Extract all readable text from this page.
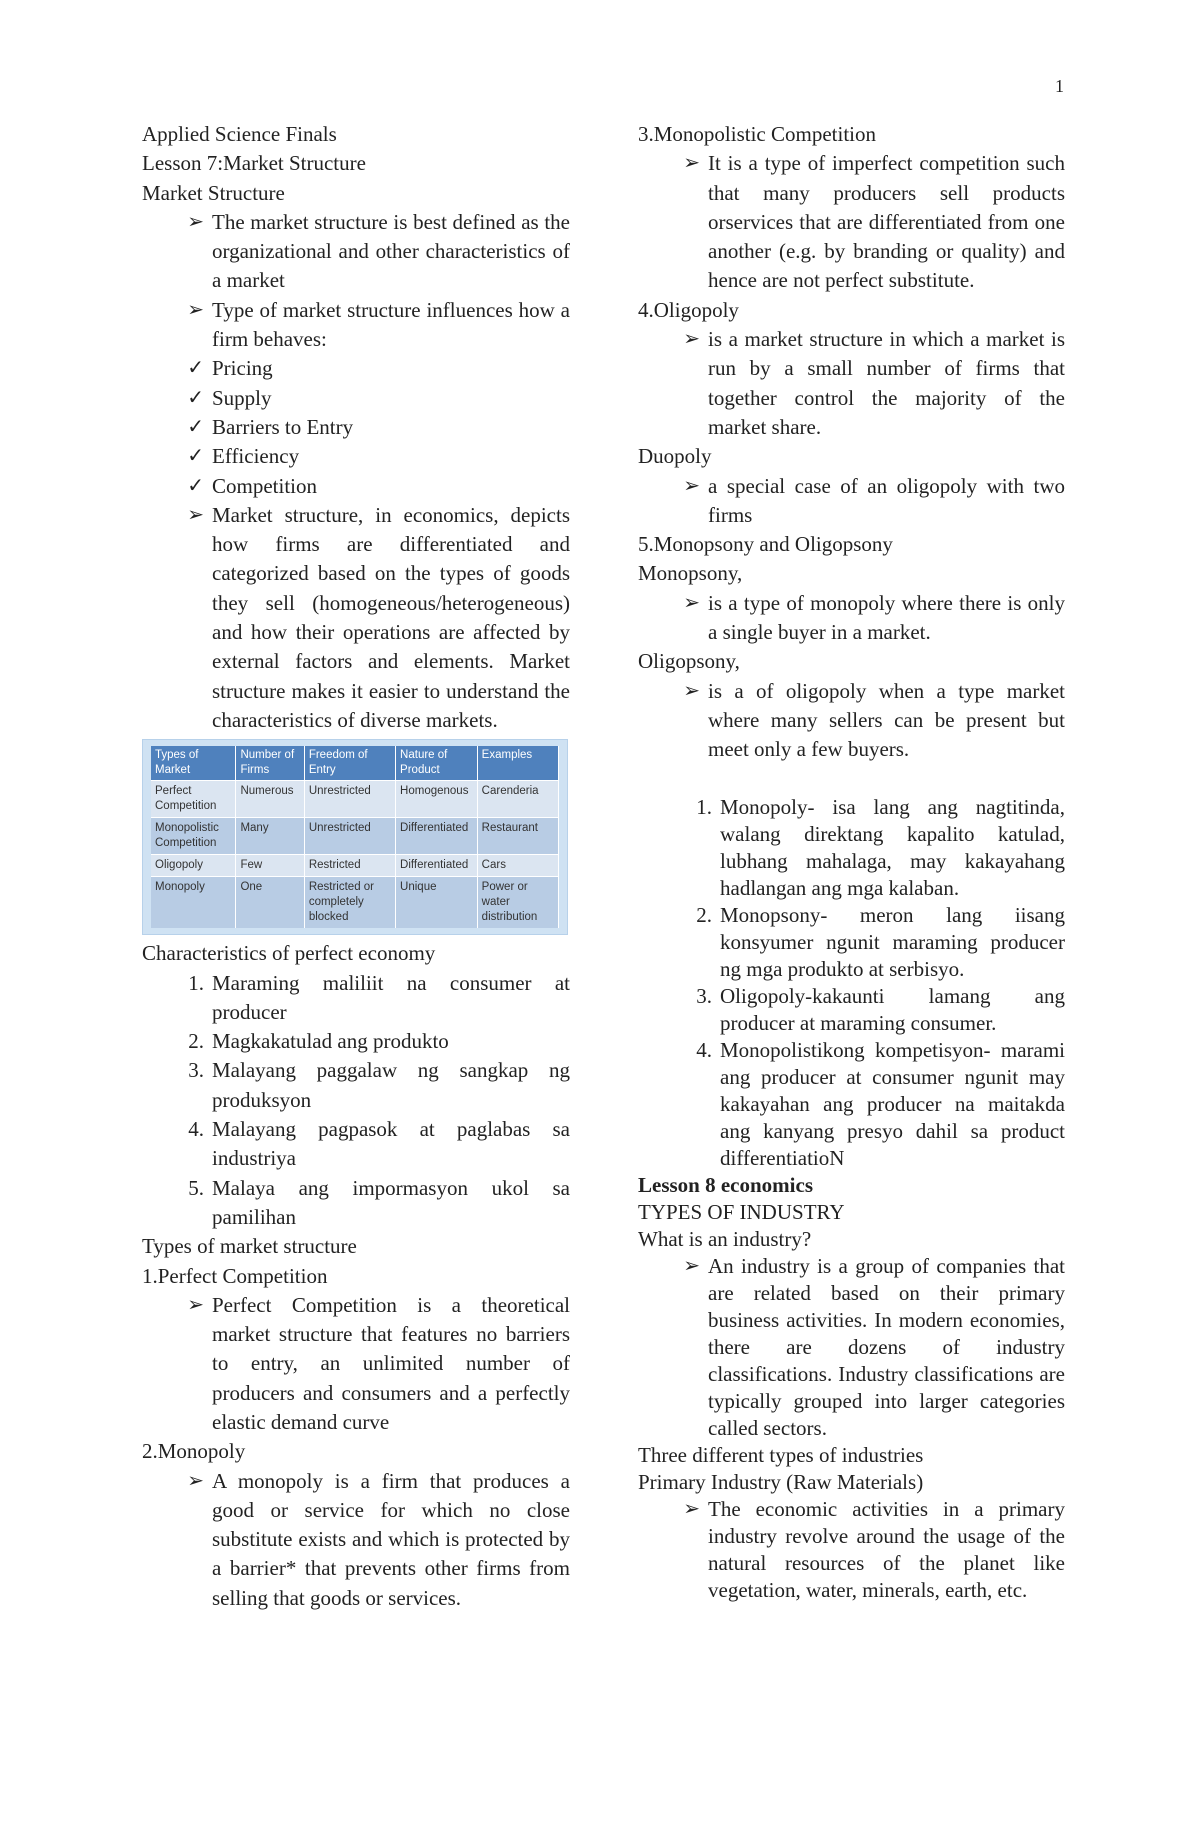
1

Applied Science Finals

Lesson 7:Market Structure

Market Structure

➢ The market structure is best defined as the organizational and other characteristics of a market
➢ Type of market structure influences how a firm behaves:
✓ Pricing
✓ Supply
✓ Barriers to Entry
✓ Efficiency
✓ Competition
➢ Market structure, in economics, depicts how firms are differentiated and categorized based on the types of goods they sell (homogeneous/heterogeneous) and how their operations are affected by external factors and elements. Market structure makes it easier to understand the characteristics of diverse markets.
Types of Market	Number of Firms	Freedom of Entry	Nature of Product	Examples
Perfect Competition	Numerous	Unrestricted	Homogenous	Carenderia
Monopolistic Competition	Many	Unrestricted	Differentiated	Restaurant
Oligopoly	Few	Restricted	Differentiated	Cars
Monopoly	One	Restricted or completely blocked	Unique	Power or water distribution

Characteristics of perfect economy

1. Maraming maliliit na consumer at producer
2. Magkakatulad ang produkto
3. Malayang paggalaw ng sangkap ng produksyon
4. Malayang pagpasok at paglabas sa industriya
5. Malaya ang impormasyon ukol sa pamilihan

Types of market structure

1.Perfect Competition

➢ Perfect Competition is a theoretical market structure that features no barriers to entry, an unlimited number of producers and consumers and a perfectly elastic demand curve

2.Monopoly

➢ A monopoly is a firm that produces a good or service for which no close substitute exists and which is protected by a barrier* that prevents other firms from selling that goods or services.

3.Monopolistic Competition

➢ It is a type of imperfect competition such that many producers sell products orservices that are differentiated from one another (e.g. by branding or quality) and hence are not perfect substitute.

4.Oligopoly

➢ is a market structure in which a market is run by a small number of firms that together control the majority of the market share.

Duopoly

➢ a special case of an oligopoly with two firms

5.Monopsony and Oligopsony

Monopsony,

➢ is a type of monopoly where there is only a single buyer in a market.

Oligopsony,

➢ is a of oligopoly when a type market where many sellers can be present but meet only a few buyers.
1. Monopoly- isa lang ang nagtitinda, walang direktang kapalito katulad, lubhang mahalaga, may kakayahang hadlangan ang mga kalaban.
2. Monopsony- meron lang iisang konsyumer ngunit maraming producer ng mga produkto at serbisyo.
3. Oligopoly-kakaunti lamang ang producer at maraming consumer.
4. Monopolistikong kompetisyon- marami ang producer at consumer ngunit may kakayahan ang producer na maitakda ang kanyang presyo dahil sa product differentiatioN

Lesson 8 economics

TYPES OF INDUSTRY

What is an industry?

➢ An industry is a group of companies that are related based on their primary business activities. In modern economies, there are dozens of industry classifications. Industry classifications are typically grouped into larger categories called sectors.

Three different types of industries

Primary Industry (Raw Materials)

➢ The economic activities in a primary industry revolve around the usage of the natural resources of the planet like vegetation, water, minerals, earth, etc.
